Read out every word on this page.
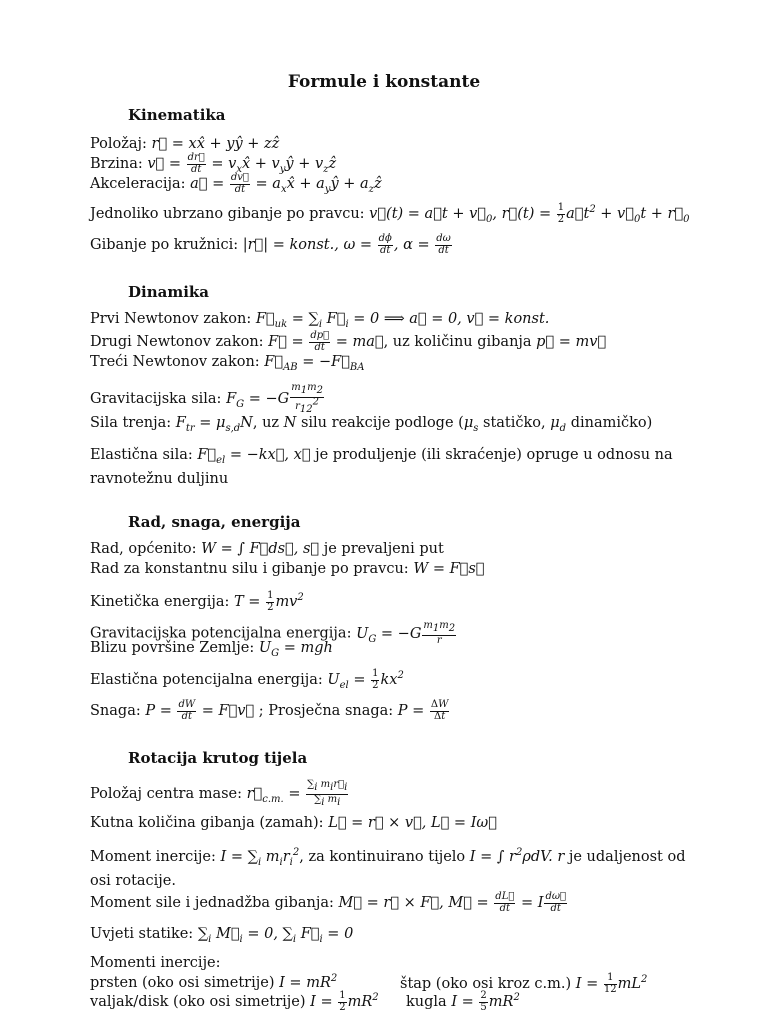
Formule i konstante
Kinematika
Položaj: r⃗ = xx̂ + yŷ + zẑ
Brzina: v⃗ = $\frac{dr⃗}{dt}$ = $v_xx̂$ + $v_yŷ$ + $v_zẑ$
Akceleracija: a⃗ = $\frac{dv⃗}{dt}$ = $a_xx̂$ + $a_yŷ$ + $a_zẑ$
Jednoliko ubrzano gibanje po pravcu: v⃗(t) = a⃗t + $v⃗_0$, r⃗(t) = $\frac{1}{2}$ $a⃗t^2$ + $v⃗_0t$ + $r⃗_0$
Gibanje po kružnici: |r⃗| = konst., $\omega = \frac{d\phi}{dt}$ , $\alpha = \frac{d\omega}{dt}$
Dinamika
Prvi Newtonov zakon: $F⃗_{uk} = \sum_i$ $F⃗_i = 0$ ⟹ a⃗ = 0, v⃗ = konst.
Drugi Newtonov zakon: F⃗ = $\frac{dp⃗}{dt}$ = ma⃗, uz količinu gibanja p⃗ = mv⃗
Treći Newtonov zakon: $F⃗_{AB}$ = $-F⃗_{BA}$
Gravitacijska sila: $F_G = -G \frac{m_1m_2}{r_{12}^2}$
Sila trenja: $F_{tr} = \mu_{s,d}N$, uz N silu reakcije podloge ($\mu_s$ statičko, $\mu_d$ dinamičko)
Elastična sila: $F⃗_{el}$ = −kx⃗, x⃗ je produljenje (ili skraćenje) opruge u odnosu na ravnotežnu duljinu
Rad, snaga, energija
Rad, općenito: W = ∫ F⃗ds⃗, s⃗ je prevaljeni put
Rad za konstantnu silu i gibanje po pravcu: W = F⃗s⃗
Kinetička energija: $T = \frac{1}{2} mv^2$
Gravitacijska potencijalna energija: $U_G = -G \frac{m_1m_2}{r}$
Blizu površine Zemlje: $U_G$ = mgh
Elastična potencijalna energija: $U_{el} = \frac{1}{2} kx^2$
Snaga: $P = \frac{dW}{dt}$ = F⃗v⃗ ; Prosječna snaga: $P = \frac{\Delta W}{\Delta t}$
Rotacija krutog tijela
Položaj centra mase: $r⃗_{c.m.} = \frac{\sum_i m_ir⃗_i}{\sum_i m_i}$
Kutna količina gibanja (zamah): L⃗ = r⃗ × v⃗, L⃗ = Iω⃗
Moment inercije: $I = \sum_i$ $m_ir_i^2$, za kontinuirano tijelo I = ∫ $r^2\rho dV$. r je udaljenost od osi rotacije.
Moment sile i jednadžba gibanja: M⃗ = r⃗ × F⃗, M⃗ = $\frac{dL⃗}{dt} = I \frac{d\omega⃗}{dt}$
Uvjeti statike: $\sum_i$ $M⃗_i = 0$, $\sum_i$ $F⃗_i = 0$
Momenti inercije:
prsten (oko osi simetrije) $I = mR^2$	štap (oko osi kroz c.m.) $I = \frac{1}{12} mL^2$
valjak/disk (oko osi simetrije) $I = \frac{1}{2} mR^2$	kugla $I = \frac{2}{5} mR^2$
